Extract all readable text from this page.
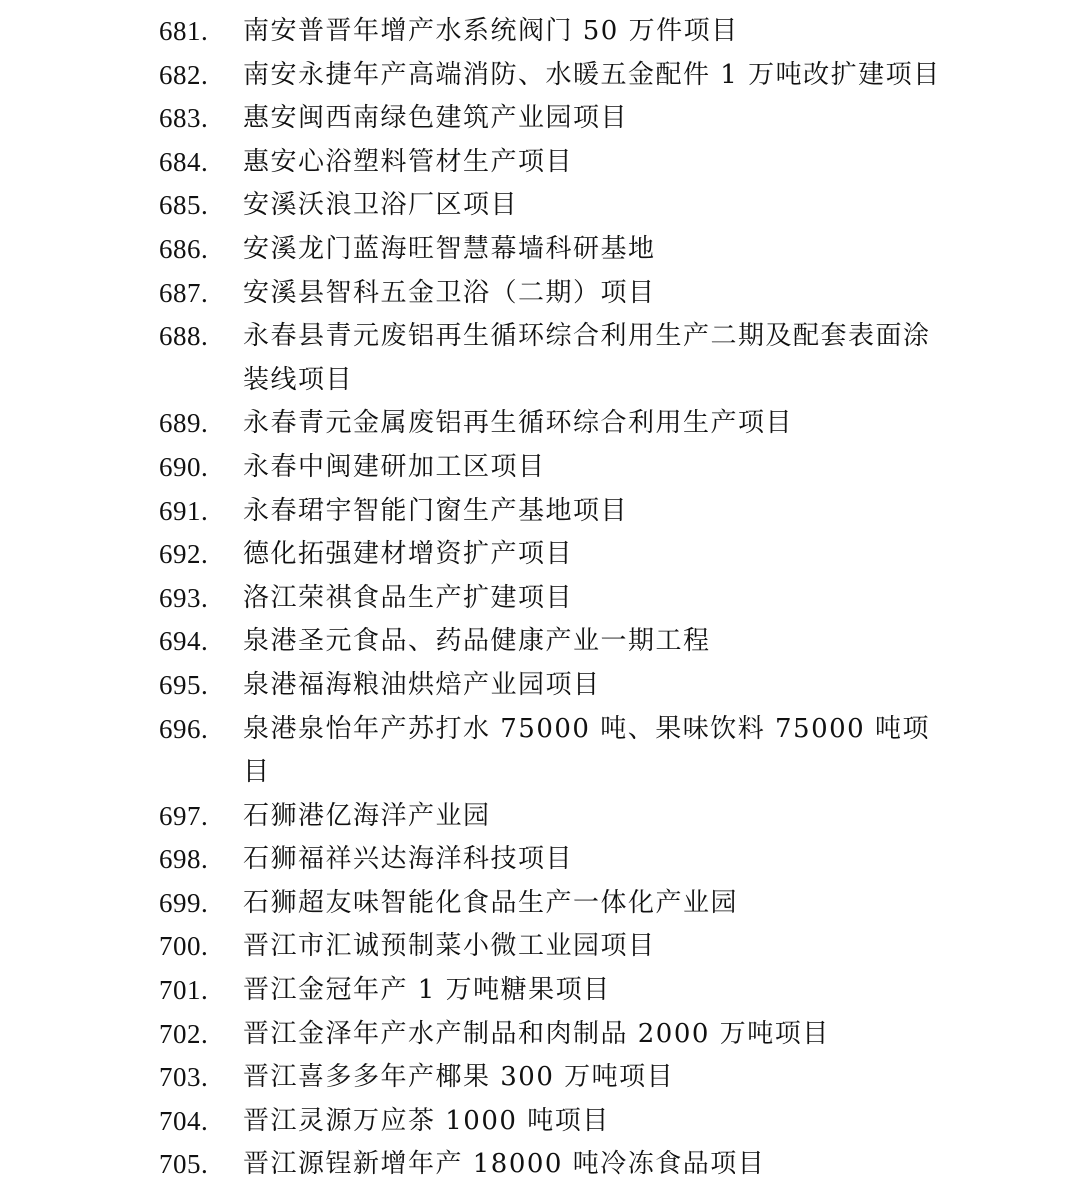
681.	南安普晋年增产水系统阀门 50 万件项目
682.	南安永捷年产高端消防、水暖五金配件 1 万吨改扩建项目
683.	惠安闽西南绿色建筑产业园项目
684.	惠安心浴塑料管材生产项目
685.	安溪沃浪卫浴厂区项目
686.	安溪龙门蓝海旺智慧幕墙科研基地
687.	安溪县智科五金卫浴（二期）项目
688.	永春县青元废铝再生循环综合利用生产二期及配套表面涂装线项目
689.	永春青元金属废铝再生循环综合利用生产项目
690.	永春中闽建研加工区项目
691.	永春珺宇智能门窗生产基地项目
692.	德化拓强建材增资扩产项目
693.	洛江荣祺食品生产扩建项目
694.	泉港圣元食品、药品健康产业一期工程
695.	泉港福海粮油烘焙产业园项目
696.	泉港泉怡年产苏打水 75000 吨、果味饮料 75000 吨项目
697.	石狮港亿海洋产业园
698.	石狮福祥兴达海洋科技项目
699.	石狮超友味智能化食品生产一体化产业园
700.	晋江市汇诚预制菜小微工业园项目
701.	晋江金冠年产 1 万吨糖果项目
702.	晋江金泽年产水产制品和肉制品 2000 万吨项目
703.	晋江喜多多年产椰果 300 万吨项目
704.	晋江灵源万应茶 1000 吨项目
705.	晋江源锃新增年产 18000 吨冷冻食品项目
